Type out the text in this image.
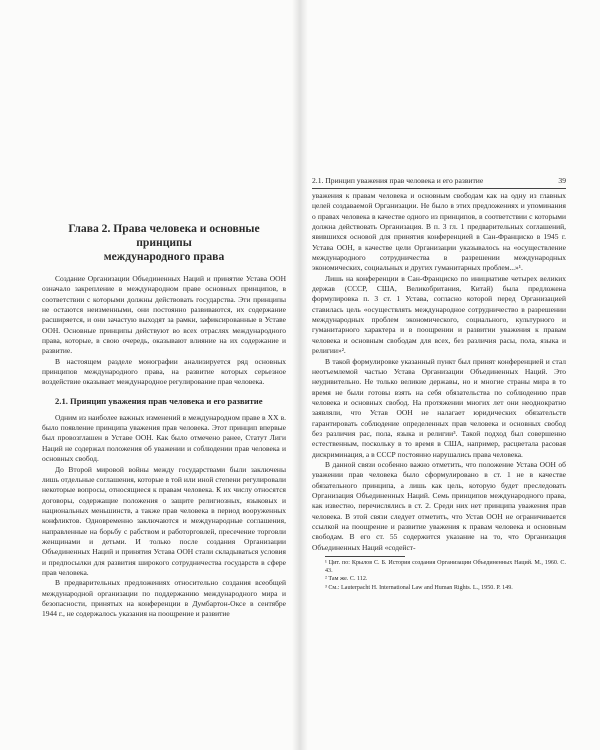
Глава 2. Права человека и основные принципы
международного права

Создание Организации Объединенных Наций и принятие Устава ООН означало закрепление в международном праве основных принципов, в соответствии с которыми должны действовать государства. Эти принципы не остаются неизменными, они постоянно развиваются, их содержание расширяется, и они зачастую выходят за рамки, зафиксированные в Уставе ООН. Основные принципы действуют во всех отраслях международного права, которые, в свою очередь, оказывают влияние на их содержание и развитие.

В настоящем разделе монографии анализируется ряд основных принципов международного права, на развитие которых серьезное воздействие оказывает международное регулирование прав человека.

2.1. Принцип уважения прав человека и его развитие

Одним из наиболее важных изменений в международном праве в XX в. было появление принципа уважения прав человека. Этот принцип впервые был провозглашен в Уставе ООН. Как было отмечено ранее, Статут Лиги Наций не содержал положения об уважении и соблюдении прав человека и основных свобод.

До Второй мировой войны между государствами были заключены лишь отдельные соглашения, которые в той или иной степени регулировали некоторые вопросы, относящиеся к правам человека. К их числу относятся договоры, содержащие положения о защите религиозных, языковых и национальных меньшинств, а также прав человека в период вооруженных конфликтов. Одновременно заключаются и международные соглашения, направленные на борьбу с рабством и работорговлей, пресечение торговли женщинами и детьми. И только после создания Организации Объединенных Наций и принятия Устава ООН стали складываться условия и предпосылки для развития широкого сотрудничества государств в сфере прав человека.

В предварительных предложениях относительно создания всеобщей международной организации по поддержанию международного мира и безопасности, принятых на конференции в Думбартон-Оксе в сентябре 1944 г., не содержалось указания на поощрение и развитие

2.1. Принцип уважения прав человека и его развитие	39

уважения к правам человека и основным свободам как на одну из главных целей создаваемой Организации. Не было в этих предложениях и упоминания о правах человека в качестве одного из принципов, в соответствии с которыми должна действовать Организация. В п. 3 гл. 1 предварительных соглашений, явившихся основой для принятия конференцией в Сан-Франциско в 1945 г. Устава ООН, в качестве цели Организации указывалось на «осуществление международного сотрудничества в разрешении международных экономических, социальных и других гуманитарных проблем...»¹.

Лишь на конференции в Сан-Франциско по инициативе четырех великих держав (СССР, США, Великобритания, Китай) была предложена формулировка п. 3 ст. 1 Устава, согласно которой перед Организацией ставилась цель «осуществлять международное сотрудничество в разрешении международных проблем экономического, социального, культурного и гуманитарного характера и в поощрении и развитии уважения к правам человека и основным свободам для всех, без различия расы, пола, языка и религии»².

В такой формулировке указанный пункт был принят конференцией и стал неотъемлемой частью Устава Организации Объединенных Наций. Это неудивительно. Не только великие державы, но и многие страны мира в то время не были готовы взять на себя обязательства по соблюдению прав человека и основных свобод. На протяжении многих лет они неоднократно заявляли, что Устав ООН не налагает юридических обязательств гарантировать соблюдение определенных прав человека и основных свобод без различия рас, пола, языка и религии³. Такой подход был совершенно естественным, поскольку в то время в США, например, расцветала расовая дискриминация, а в СССР постоянно нарушались права человека.

В данной связи особенно важно отметить, что положение Устава ООН об уважении прав человека было сформулировано в ст. 1 не в качестве обязательного принципа, а лишь как цель, которую будет преследовать Организация Объединенных Наций. Семь принципов международного права, как известно, перечислялись в ст. 2. Среди них нет принципа уважения прав человека. В этой связи следует отметить, что Устав ООН не ограничивается ссылкой на поощрение и развитие уважения к правам человека и основным свободам. В его ст. 55 содержится указание на то, что Организация Объединенных Наций «содейст-

¹ Цит. по: Крылов С. Б. История создания Организации Объединенных Наций. М., 1960. С. 43.

² Там же. С. 112.

³ См.: Lauterpacht H. International Law and Human Rights. L., 1950. P. 149.
